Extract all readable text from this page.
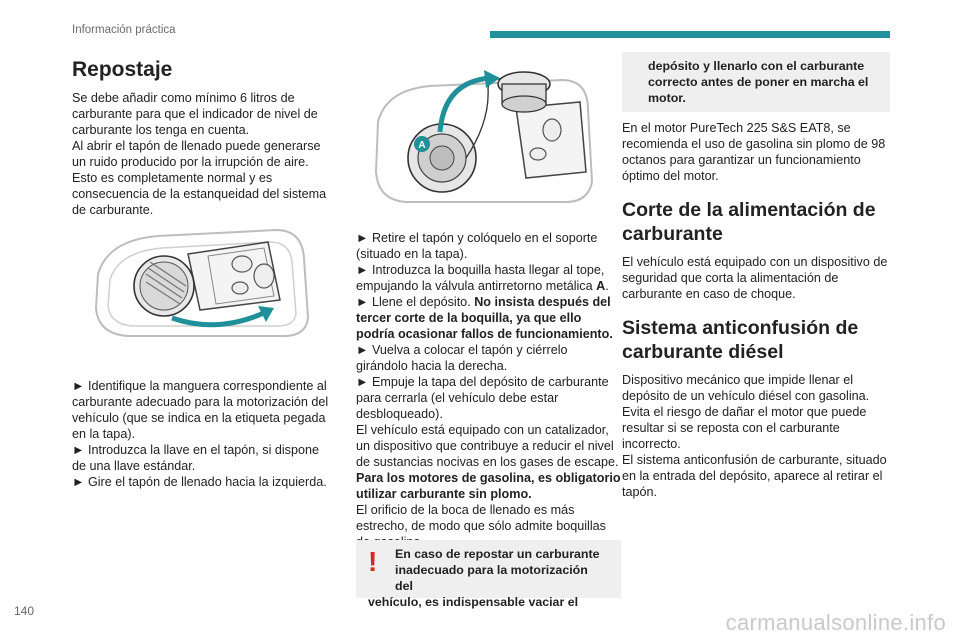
Información práctica
Repostaje

Se debe añadir como mínimo 6 litros de carburante para que el indicador de nivel de carburante los tenga en cuenta.

Al abrir el tapón de llenado puede generarse un ruido producido por la irrupción de aire. Esto es completamente normal y es consecuencia de la estanqueidad del sistema de carburante.

► Identifique la manguera correspondiente al carburante adecuado para la motorización del vehículo (que se indica en la etiqueta pegada en la tapa).

► Introduzca la llave en el tapón, si dispone de una llave estándar.

► Gire el tapón de llenado hacia la izquierda.

A

► Retire el tapón y colóquelo en el soporte (situado en la tapa).

► Introduzca la boquilla hasta llegar al tope, empujando la válvula antirretorno metálica A.

► Llene el depósito. No insista después del tercer corte de la boquilla, ya que ello podría ocasionar fallos de funcionamiento.

► Vuelva a colocar el tapón y ciérrelo girándolo hacia la derecha.

► Empuje la tapa del depósito de carburante para cerrarla (el vehículo debe estar desbloqueado).

El vehículo está equipado con un catalizador, un dispositivo que contribuye a reducir el nivel de sustancias nocivas en los gases de escape.

Para los motores de gasolina, es obligatorio utilizar carburante sin plomo.

El orificio de la boca de llenado es más estrecho, de modo que sólo admite boquillas

!	En caso de repostar un carburante
inadecuado para la motorización del
vehículo, es indispensable vaciar el
depósito y llenarlo con el carburante correcto antes de poner en marcha el motor.

En el motor PureTech 225 S&S EAT8, se recomienda el uso de gasolina sin plomo de 98 octanos para garantizar un funcionamiento óptimo del motor.

Corte de la alimentación de carburante

El vehículo está equipado con un dispositivo de seguridad que corta la alimentación de carburante en caso de choque.

Sistema anticonfusión de carburante diésel

Dispositivo mecánico que impide llenar el depósito de un vehículo diésel con gasolina. Evita el riesgo de dañar el motor que puede resultar si se reposta con el carburante incorrecto.

El sistema anticonfusión de carburante, situado en la entrada del depósito, aparece al retirar el tapón.

140	carmanualsonline.info
